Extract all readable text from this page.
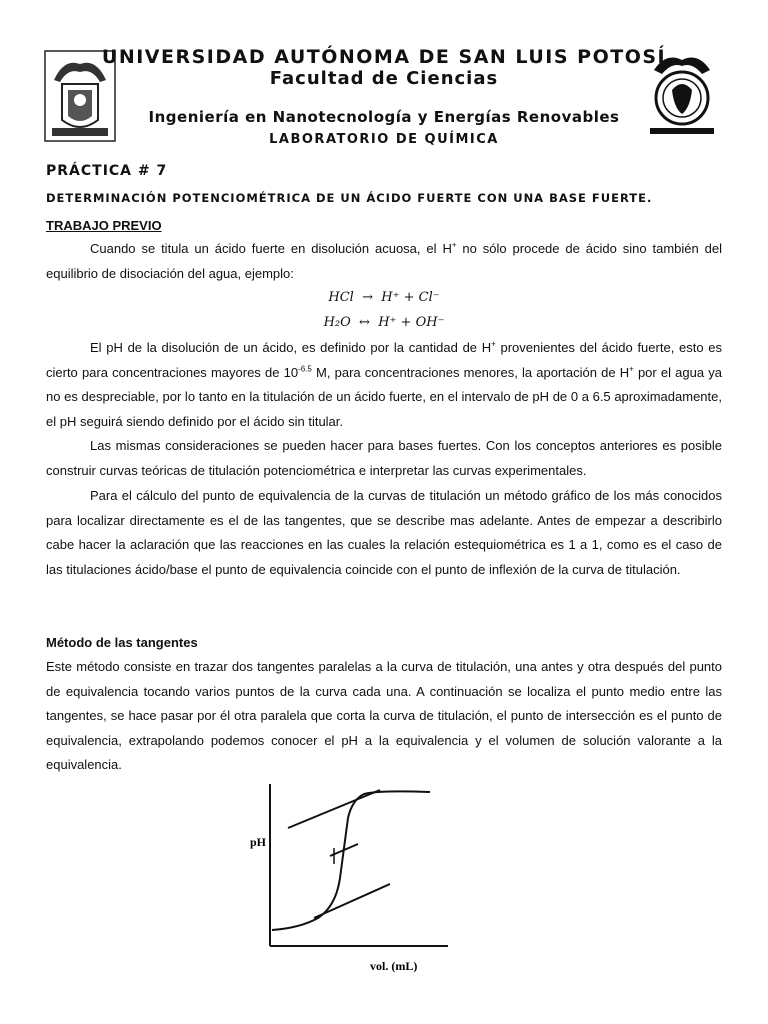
UNIVERSIDAD AUTÓNOMA DE SAN LUIS POTOSÍ
Facultad de Ciencias
Ingeniería en Nanotecnología y Energías Renovables
LABORATORIO DE QUÍMICA
PRÁCTICA # 7
DETERMINACIÓN POTENCIOMÉTRICA DE UN ÁCIDO FUERTE CON UNA BASE FUERTE.
TRABAJO PREVIO
Cuando se titula un ácido fuerte en disolución acuosa, el H+ no sólo procede de ácido sino también del equilibrio de disociación del agua, ejemplo:
HCl → H⁺ + Cl⁻
H₂O ↔ H⁺ + OH⁻
El pH de la disolución de un ácido, es definido por la cantidad de H+ provenientes del ácido fuerte, esto es cierto para concentraciones mayores de $10^{-6.5}$ M, para concentraciones menores, la aportación de H+ por el agua ya no es despreciable, por lo tanto en la titulación de un ácido fuerte, en el intervalo de pH de 0 a 6.5 aproximadamente, el pH seguirá siendo definido por el ácido sin titular.
Las mismas consideraciones se pueden hacer para bases fuertes. Con los conceptos anteriores es posible construir curvas teóricas de titulación potenciométrica e interpretar las curvas experimentales.
Para el cálculo del punto de equivalencia de la curvas de titulación un método gráfico de los más conocidos para localizar directamente es el de las tangentes, que se describe mas adelante. Antes de empezar a describirlo cabe hacer la aclaración que las reacciones en las cuales la relación estequiométrica es 1 a 1, como es el caso de las titulaciones ácido/base el punto de equivalencia coincide con el punto de inflexión de la curva de titulación.
Método de las tangentes
Este método consiste en trazar dos tangentes paralelas a la curva de titulación, una antes y otra después del punto de equivalencia tocando varios puntos de la curva cada una. A continuación se localiza el punto medio entre las tangentes, se hace pasar por él otra paralela que corta la curva de titulación, el punto de intersección es el punto de equivalencia, extrapolando podemos conocer el pH a la equivalencia y el volumen de solución valorante a la equivalencia.
pH
vol. (mL)
